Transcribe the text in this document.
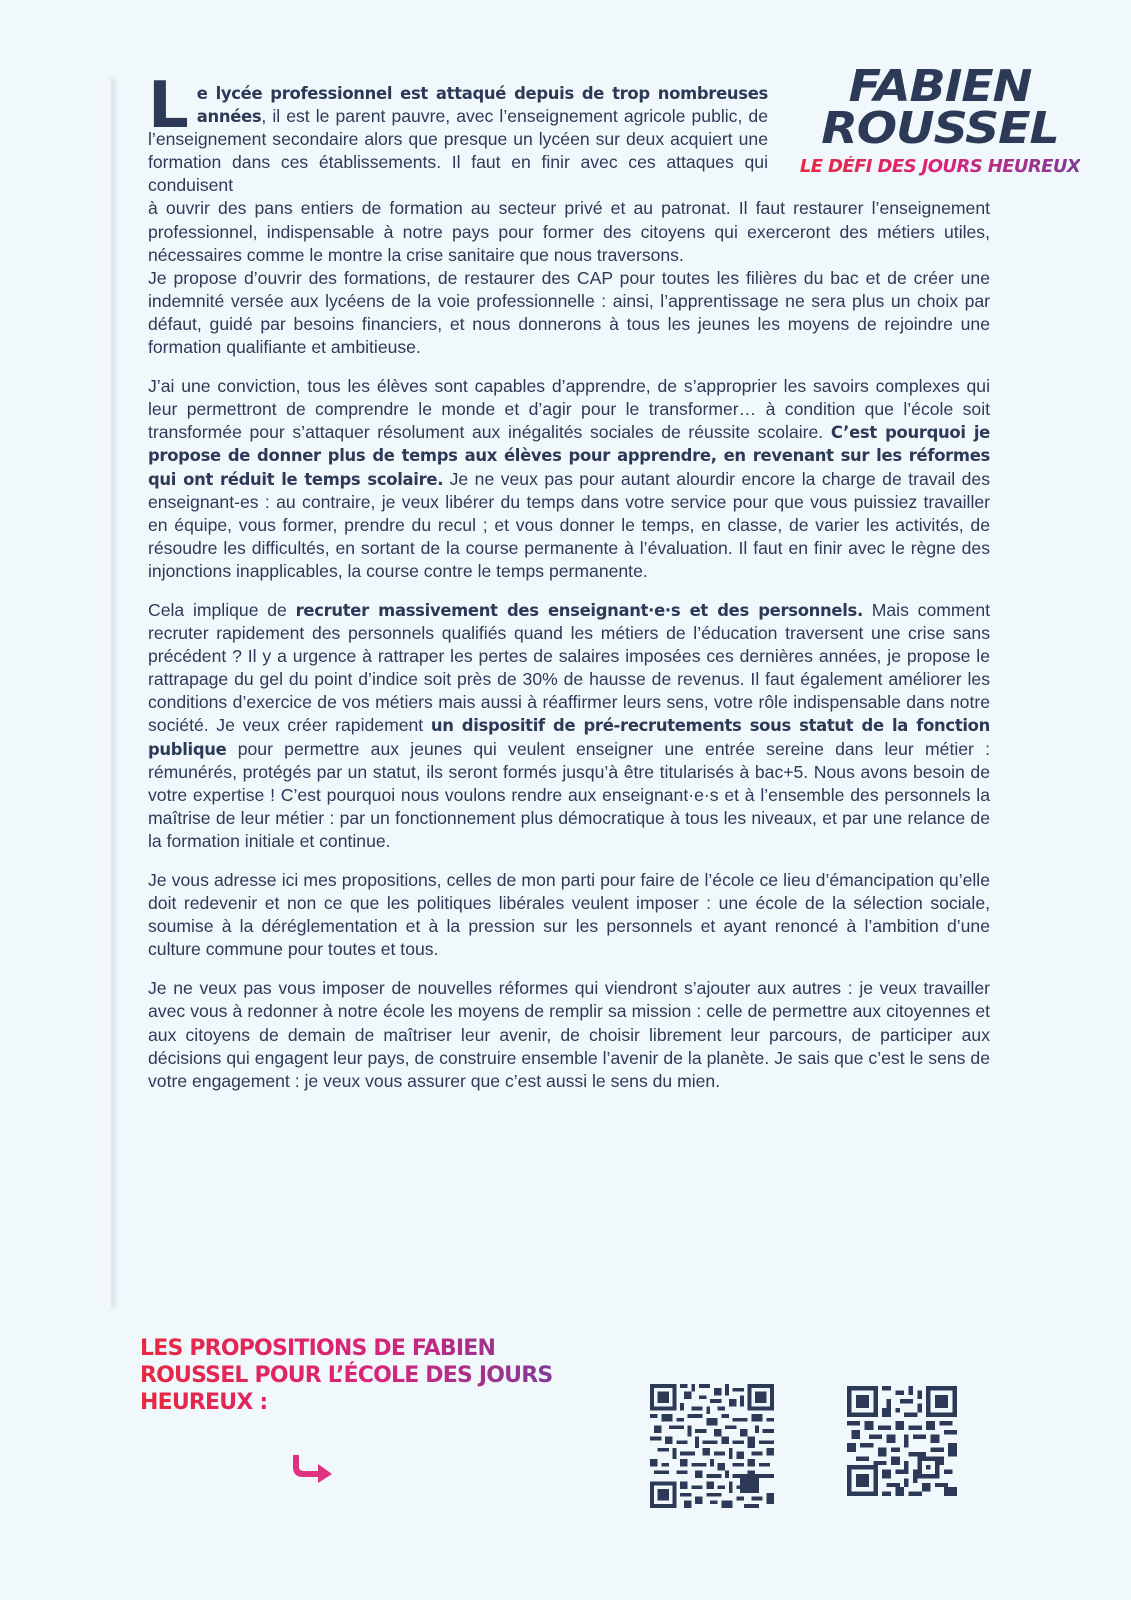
FABIEN
ROUSSEL
LE DÉFI DES JOURS HEUREUX

Le lycée professionnel est attaqué depuis de trop nombreuses années, il est le parent pauvre, avec l’enseignement agricole public, de l’enseignement secondaire alors que presque un lycéen sur deux acquiert une formation dans ces établissements. Il faut en finir avec ces attaques qui conduisent

à ouvrir des pans entiers de formation au secteur privé et au patronat. Il faut restaurer l’enseignement professionnel, indispensable à notre pays pour former des citoyens qui exerceront des métiers utiles, nécessaires comme le montre la crise sanitaire que nous traversons.

Je propose d’ouvrir des formations, de restaurer des CAP pour toutes les filières du bac et de créer une indemnité versée aux lycéens de la voie professionnelle : ainsi, l’apprentissage ne sera plus un choix par défaut, guidé par besoins financiers, et nous donnerons à tous les jeunes les moyens de rejoindre une formation qualifiante et ambitieuse.

J’ai une conviction, tous les élèves sont capables d’apprendre, de s’approprier les savoirs complexes qui leur permettront de comprendre le monde et d’agir pour le transformer… à condition que l’école soit transformée pour s’attaquer résolument aux inégalités sociales de réussite scolaire. C’est pourquoi je propose de donner plus de temps aux élèves pour apprendre, en revenant sur les réformes qui ont réduit le temps scolaire. Je ne veux pas pour autant alourdir encore la charge de travail des enseignant-es : au contraire, je veux libérer du temps dans votre service pour que vous puissiez travailler en équipe, vous former, prendre du recul ; et vous donner le temps, en classe, de varier les activités, de résoudre les difficultés, en sortant de la course permanente à l’évaluation. Il faut en finir avec le règne des injonctions inapplicables, la course contre le temps permanente.

Cela implique de recruter massivement des enseignant·e·s et des personnels. Mais comment recruter rapidement des personnels qualifiés quand les métiers de l’éducation traversent une crise sans précédent ? Il y a urgence à rattraper les pertes de salaires imposées ces dernières années, je propose le rattrapage du gel du point d’indice soit près de 30% de hausse de revenus. Il faut également améliorer les conditions d’exercice de vos métiers mais aussi à réaffirmer leurs sens, votre rôle indispensable dans notre société. Je veux créer rapidement un dispositif de pré-recrutements sous statut de la fonction publique pour permettre aux jeunes qui veulent enseigner une entrée sereine dans leur métier : rémunérés, protégés par un statut, ils seront formés jusqu’à être titularisés à bac+5. Nous avons besoin de votre expertise ! C’est pourquoi nous voulons rendre aux enseignant·e·s et à l’ensemble des personnels la maîtrise de leur métier : par un fonctionnement plus démocratique à tous les niveaux, et par une relance de la formation initiale et continue.

Je vous adresse ici mes propositions, celles de mon parti pour faire de l’école ce lieu d’émancipation qu’elle doit redevenir et non ce que les politiques libérales veulent imposer : une école de la sélection sociale, soumise à la déréglementation et à la pression sur les personnels et ayant renoncé à l’ambition d’une culture commune pour toutes et tous.

Je ne veux pas vous imposer de nouvelles réformes qui viendront s’ajouter aux autres : je veux travailler avec vous à redonner à notre école les moyens de remplir sa mission : celle de permettre aux citoyennes et aux citoyens de demain de maîtriser leur avenir, de choisir librement leur parcours, de participer aux décisions qui engagent leur pays, de construire ensemble l’avenir de la planète. Je sais que c’est le sens de votre engagement : je veux vous assurer que c’est aussi le sens du mien.

LES PROPOSITIONS DE FABIEN ROUSSEL POUR L’ÉCOLE DES JOURS HEUREUX :
